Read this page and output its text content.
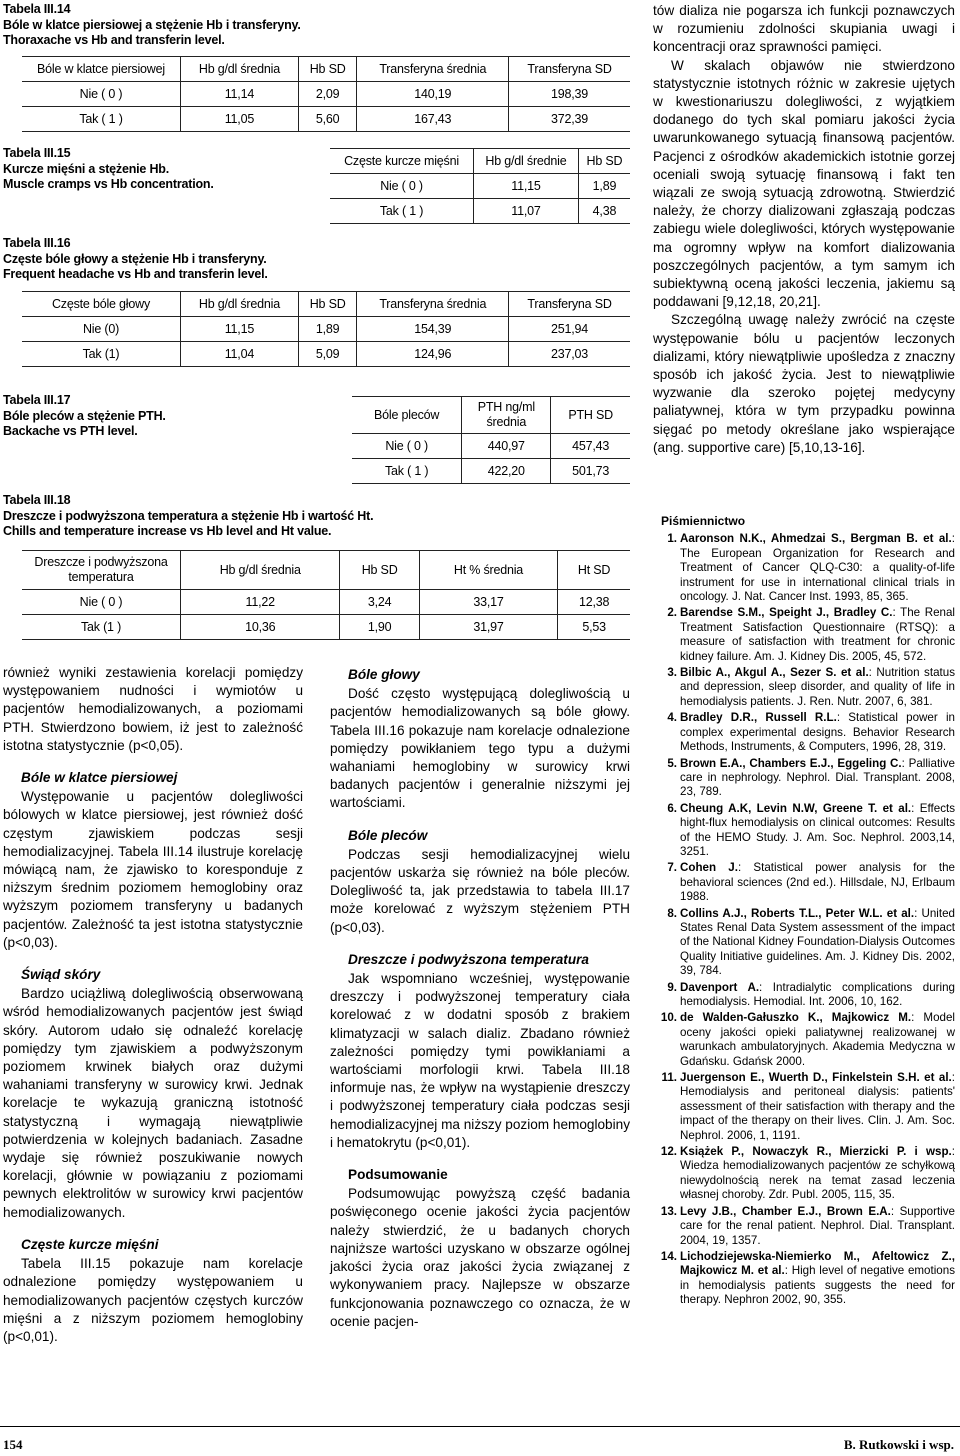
Tabela III.14
Bóle w klatce piersiowej a stężenie Hb i transferyny.
Thoraxache vs Hb and transferin level.
Bóle w klatce piersiowej	Hb g/dl średnia	Hb SD	Transferyna średnia	Transferyna SD
Nie ( 0 )	11,14	2,09	140,19	198,39
Tak ( 1 )	11,05	5,60	167,43	372,39
Tabela III.15
Kurcze mięśni a stężenie Hb.
Muscle cramps vs Hb concentration.
Częste kurcze mięśni	Hb g/dl średnie	Hb SD
Nie ( 0 )	11,15	1,89
Tak ( 1 )	11,07	4,38
Tabela III.16
Częste bóle głowy a stężenie Hb i transferyny.
Frequent headache vs Hb and transferin level.
Częste bóle głowy	Hb g/dl średnia	Hb SD	Transferyna średnia	Transferyna SD
Nie (0)	11,15	1,89	154,39	251,94
Tak (1)	11,04	5,09	124,96	237,03
Tabela III.17
Bóle pleców a stężenie PTH.
Backache vs PTH level.
Bóle pleców	PTH ng/ml średnia	PTH SD
Nie ( 0 )	440,97	457,43
Tak ( 1 )	422,20	501,73
Tabela III.18
Dreszcze i podwyższona temperatura a stężenie Hb i wartość Ht.
Chills and temperature increase vs Hb level and Ht value.
Dreszcze i podwyższona temperatura	Hb g/dl średnia	Hb SD	Ht % średnia	Ht SD
Nie ( 0 )	11,22	3,24	33,17	12,38
Tak (1 )	10,36	1,90	31,97	5,53

również wyniki zestawienia korelacji pomiędzy występowaniem nudności i wymiotów u pacjentów hemodializowanych, a poziomami PTH. Stwierdzono bowiem, iż jest to zależność istotna statystycznie (p<0,05).

Bóle w klatce piersiowej

Występowanie u pacjentów dolegliwości bólowych w klatce piersiowej, jest również dość częstym zjawiskiem podczas sesji hemodializacyjnej. Tabela III.14 ilustruje korelację mówiącą nam, że zjawisko to koresponduje z niższym średnim poziomem hemoglobiny oraz wyższym poziomem transferyny u badanych pacjentów. Zależność ta jest istotna statystycznie (p<0,03).

Świąd skóry

Bardzo uciążliwą dolegliwością obserwowaną wśród hemodializowanych pacjentów jest świąd skóry. Autorom udało się odnaleźć korelację pomiędzy tym zjawiskiem a podwyższonym poziomem krwinek białych oraz dużymi wahaniami transferyny w surowicy krwi. Jednak korelacje te wykazują graniczną istotność statystyczną i wymagają niewątpliwie potwierdzenia w kolejnych badaniach. Zasadne wydaje się również poszukiwanie nowych korelacji, głównie w powiązaniu z poziomami pewnych elektrolitów w surowicy krwi pacjentów hemodializowanych.

Częste kurcze mięśni

Tabela III.15 pokazuje nam korelacje odnalezione pomiędzy występowaniem u hemodializowanych pacjentów częstych kurczów mięśni a z niższym poziomem hemoglobiny (p<0,01).

Bóle głowy

Dość często występującą dolegliwością u pacjentów hemodializowanych są bóle głowy. Tabela III.16 pokazuje nam korelacje odnalezione pomiędzy powikłaniem tego typu a dużymi wahaniami hemoglobiny w surowicy krwi badanych pacjentów i generalnie niższymi jej wartościami.

Bóle pleców

Podczas sesji hemodializacyjnej wielu pacjentów uskarża się również na bóle pleców. Dolegliwość ta, jak przedstawia to tabela III.17 może korelować z wyższym stężeniem PTH (p<0,03).

Dreszcze i podwyższona temperatura

Jak wspomniano wcześniej, występowanie dreszczy i podwyższonej temperatury ciała korelować z w dodatni sposób z brakiem klimatyzacji w salach dializ. Zbadano również zależności pomiędzy tymi powikłaniami a wartościami morfologii krwi. Tabela III.18 informuje nas, że wpływ na wystąpienie dreszczy i podwyższonej temperatury ciała podczas sesji hemodializacyjnej ma niższy poziom hemoglobiny i hematokrytu (p<0,01).

Podsumowanie

Podsumowując powyższą część badania poświęconego ocenie jakości życia pacjentów należy stwierdzić, że u badanych chorych najniższe wartości uzyskano w obszarze ogólnej jakości życia oraz jakości życia związanej z wykonywaniem pracy. Najlepsze w obszarze funkcjonowania poznawczego co oznacza, że w ocenie pacjen-

tów dializa nie pogarsza ich funkcji poznawczych w rozumieniu zdolności skupiania uwagi i koncentracji oraz sprawności pamięci.

W skalach objawów nie stwierdzono statystycznie istotnych różnic w zakresie ujętych w kwestionariuszu dolegliwości, z wyjątkiem dodanego do tych skal pomiaru jakości życia uwarunkowanego sytuacją finansową pacjentów. Pacjenci z ośrodków akademickich istotnie gorzej oceniali swoją sytuację finansową i fakt ten wiązali ze swoją sytuacją zdrowotną. Stwierdzić należy, że chorzy dializowani zgłaszają podczas zabiegu wiele dolegliwości, których występowanie ma ogromny wpływ na komfort dializowania poszczególnych pacjentów, a tym samym ich subiektywną oceną jakości leczenia, jakiemu są poddawani [9,12,18, 20,21].

Szczególną uwagę należy zwrócić na częste występowanie bólu u pacjentów leczonych dializami, który niewątpliwie upośledza z znaczny sposób ich jakość życia. Jest to niewątpliwie wyzwanie dla szeroko pojętej medycyny paliatywnej, która w tym przypadku powinna sięgać po metody określane jako wspierające (ang. supportive care) [5,10,13-16].

Piśmiennictwo
1. Aaronson N.K., Ahmedzai S., Bergman B. et al.: The European Organization for Research and Treatment of Cancer QLQ-C30: a quality-of-life instrument for use in international clinical trials in oncology. J. Nat. Cancer Inst. 1993, 85, 365.
2. Barendse S.M., Speight J., Bradley C.: The Renal Treatment Satisfaction Questionnaire (RTSQ): a measure of satisfaction with treatment for chronic kidney failure. Am. J. Kidney Dis. 2005, 45, 572.
3. Bilbic A., Akgul A., Sezer S. et al.: Nutrition status and depression, sleep disorder, and quality of life in hemodialysis patients. J. Ren. Nutr. 2007, 6, 381.
4. Bradley D.R., Russell R.L.: Statistical power in complex experimental designs. Behavior Research Methods, Instruments, & Computers, 1996, 28, 319.
5. Brown E.A., Chambers E.J., Eggeling C.: Palliative care in nephrology. Nephrol. Dial. Transplant. 2008, 23, 789.
6. Cheung A.K, Levin N.W, Greene T. et al.: Effects hight-flux hemodialysis on clinical outcomes: Results of the HEMO Study. J. Am. Soc. Nephrol. 2003,14, 3251.
7. Cohen J.: Statistical power analysis for the behavioral sciences (2nd ed.). Hillsdale, NJ, Erlbaum 1988.
8. Collins A.J., Roberts T.L., Peter W.L. et al.: United States Renal Data System assessment of the impact of the National Kidney Foundation-Dialysis Outcomes Quality Initiative guidelines. Am. J. Kidney Dis. 2002, 39, 784.
9. Davenport A.: Intradialytic complications during hemodialysis. Hemodial. Int. 2006, 10, 162.
10. de Walden-Gałuszko K., Majkowicz M.: Model oceny jakości opieki paliatywnej realizowanej w warunkach ambulatoryjnych. Akademia Medyczna w Gdańsku. Gdańsk 2000.
11. Juergenson E., Wuerth D., Finkelstein S.H. et al.: Hemodialysis and peritoneal dialysis: patients' assessment of their satisfaction with therapy and the impact of the therapy on their lives. Clin. J. Am. Soc. Nephrol. 2006, 1, 1191.
12. Książek P., Nowaczyk R., Mierzicki P. i wsp.: Wiedza hemodializowanych pacjentów ze schyłkową niewydolnością nerek na temat zasad leczenia własnej choroby. Zdr. Publ. 2005, 115, 35.
13. Levy J.B., Chamber E.J., Brown E.A.: Supportive care for the renal patient. Nephrol. Dial. Transplant. 2004, 19, 1357.
14. Lichodziejewska-Niemierko M., Afeltowicz Z., Majkowicz M. et al.: High level of negative emotions in hemodialysis patients suggests the need for therapy. Nephron 2002, 90, 355.
154	B. Rutkowski i wsp.
